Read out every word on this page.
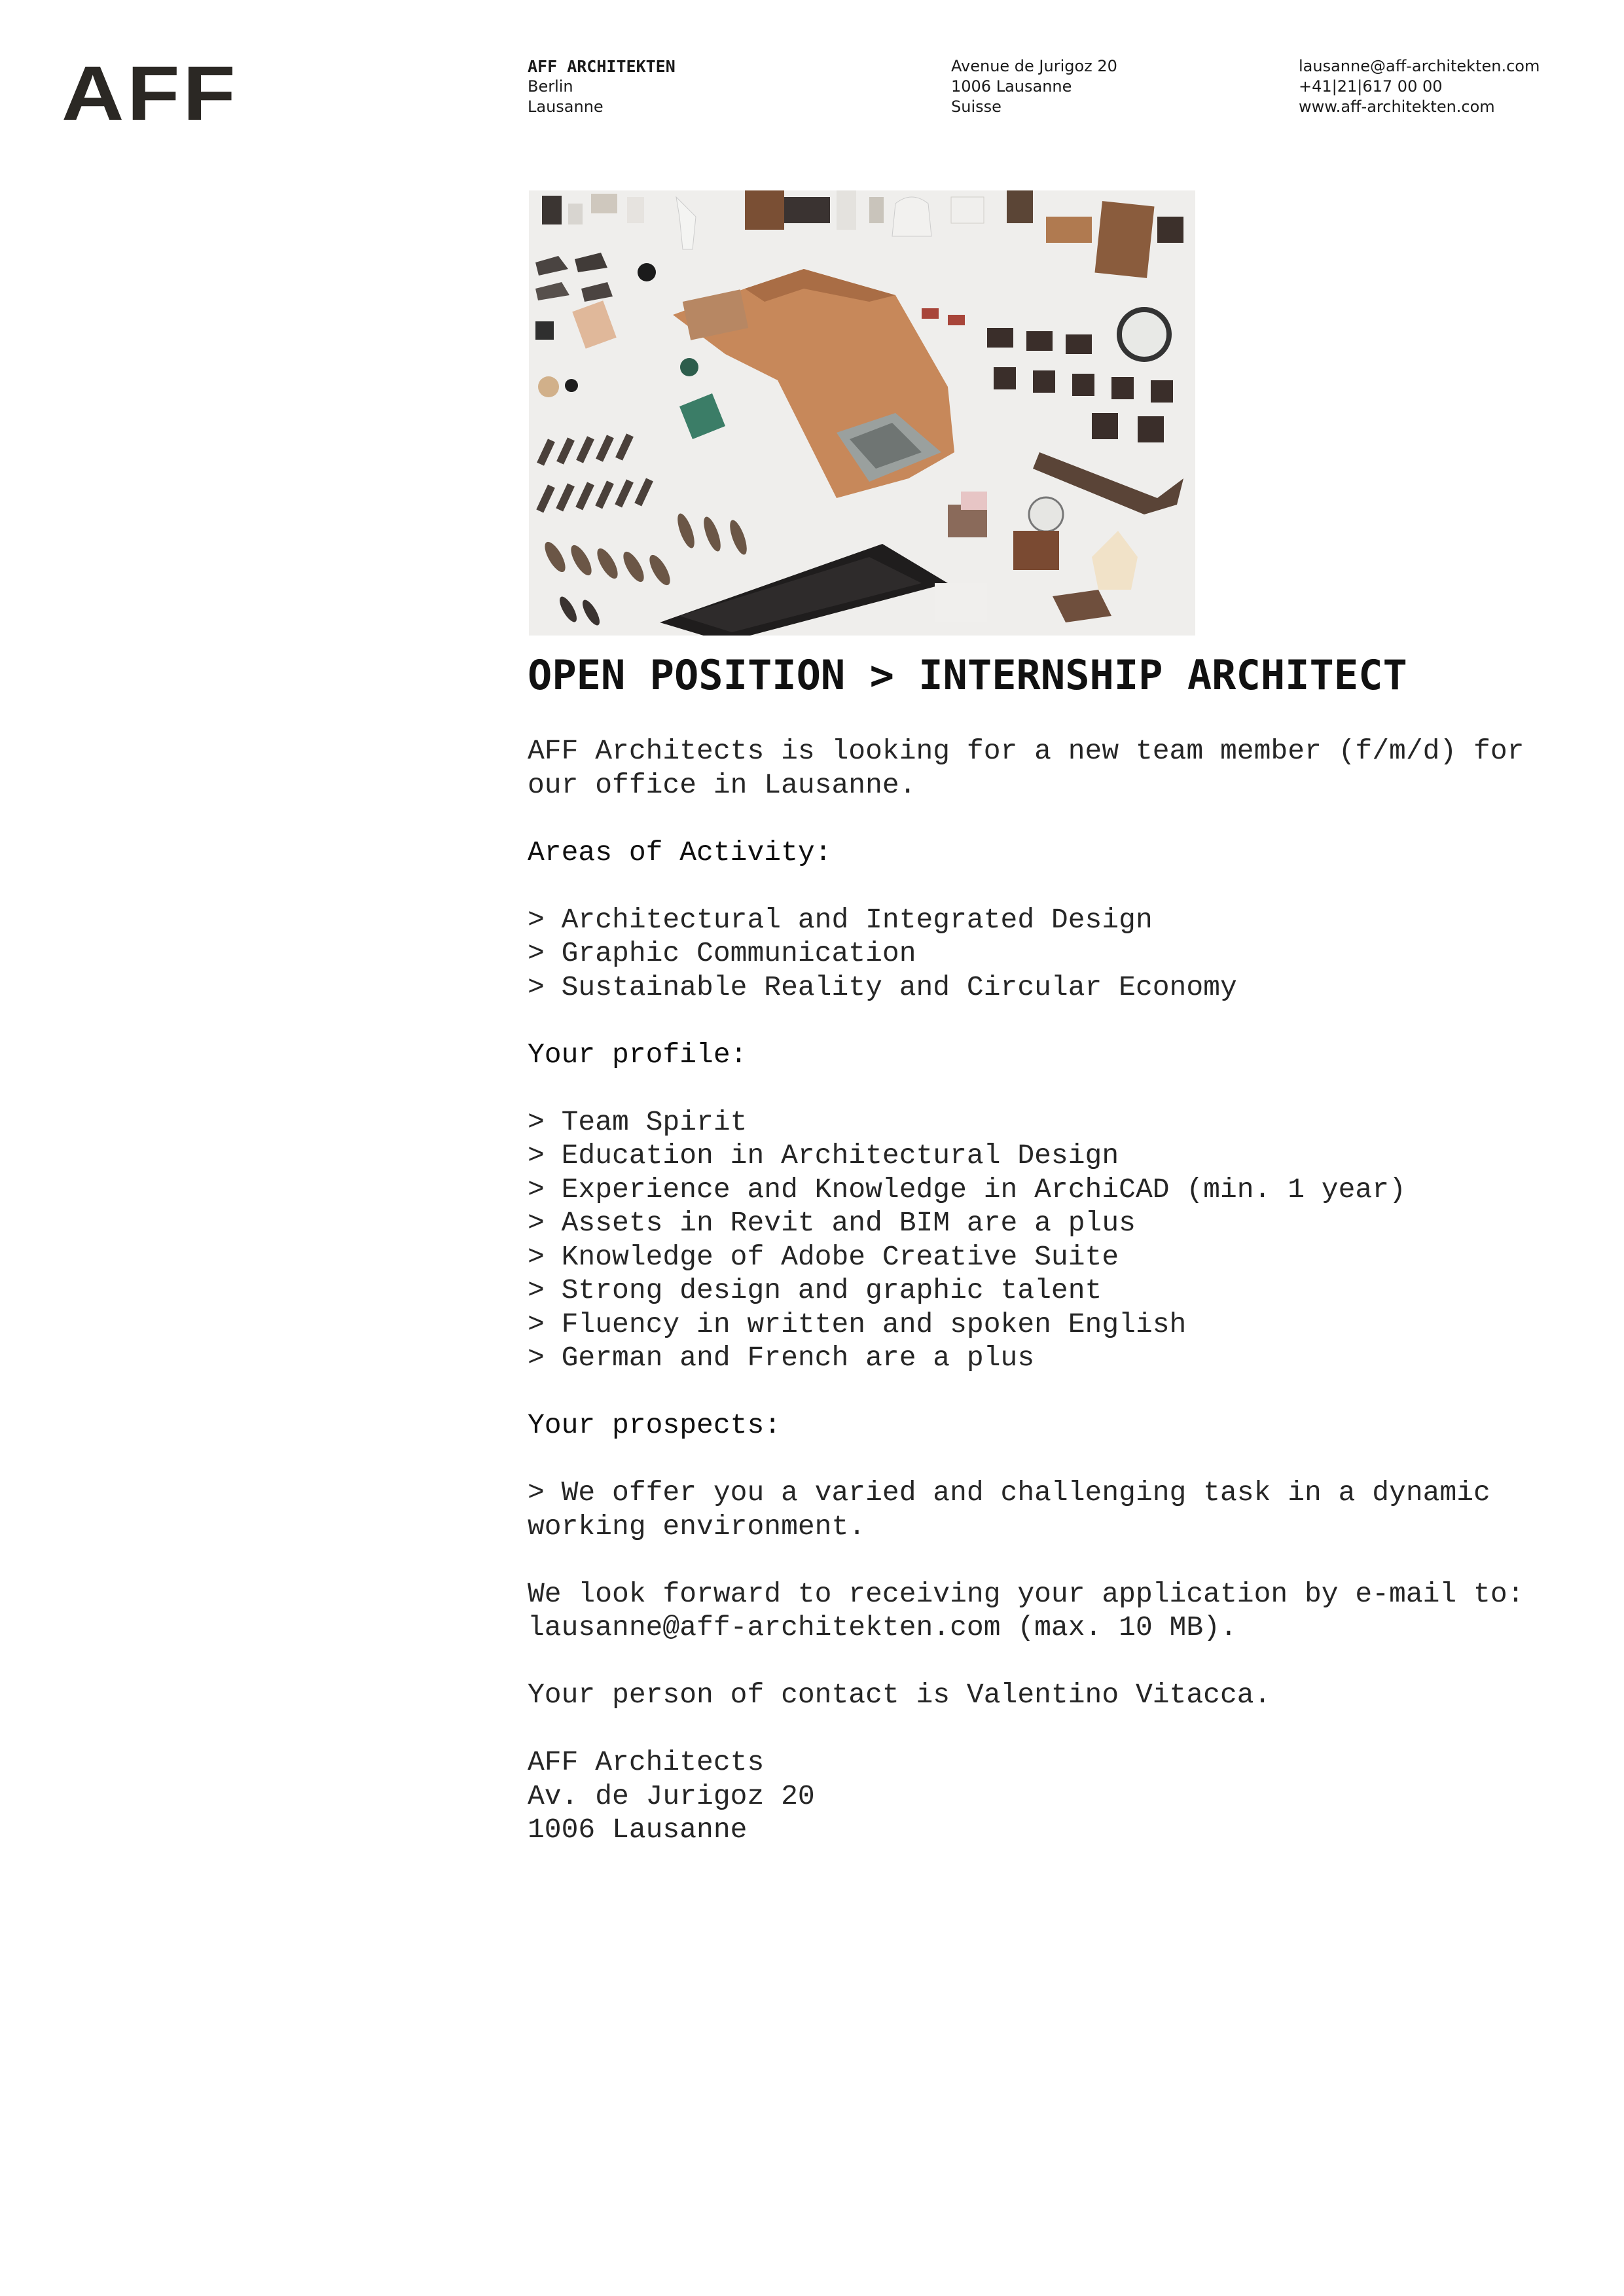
AFF	AFF ARCHITEKTEN
Berlin
Lausanne
Avenue de Jurigoz 20
1006 Lausanne
Suisse
lausanne@aff-architekten.com
+41|21|617 00 00
www.aff-architekten.com
OPEN POSITION > INTERNSHIP ARCHITECT

AFF Architects is looking for a new team member (f/m/d) for
our office in Lausanne.

Areas of Activity:

> Architectural and Integrated Design
> Graphic Communication
> Sustainable Reality and Circular Economy

Your profile:

> Team Spirit
> Education in Architectural Design
> Experience and Knowledge in ArchiCAD (min. 1 year)
> Assets in Revit and BIM are a plus
> Knowledge of Adobe Creative Suite
> Strong design and graphic talent
> Fluency in written and spoken English
> German and French are a plus

Your prospects:

> We offer you a varied and challenging task in a dynamic
working environment.

We look forward to receiving your application by e-mail to:
lausanne@aff-architekten.com (max. 10 MB).

Your person of contact is Valentino Vitacca.

AFF Architects
Av. de Jurigoz 20
1006 Lausanne
